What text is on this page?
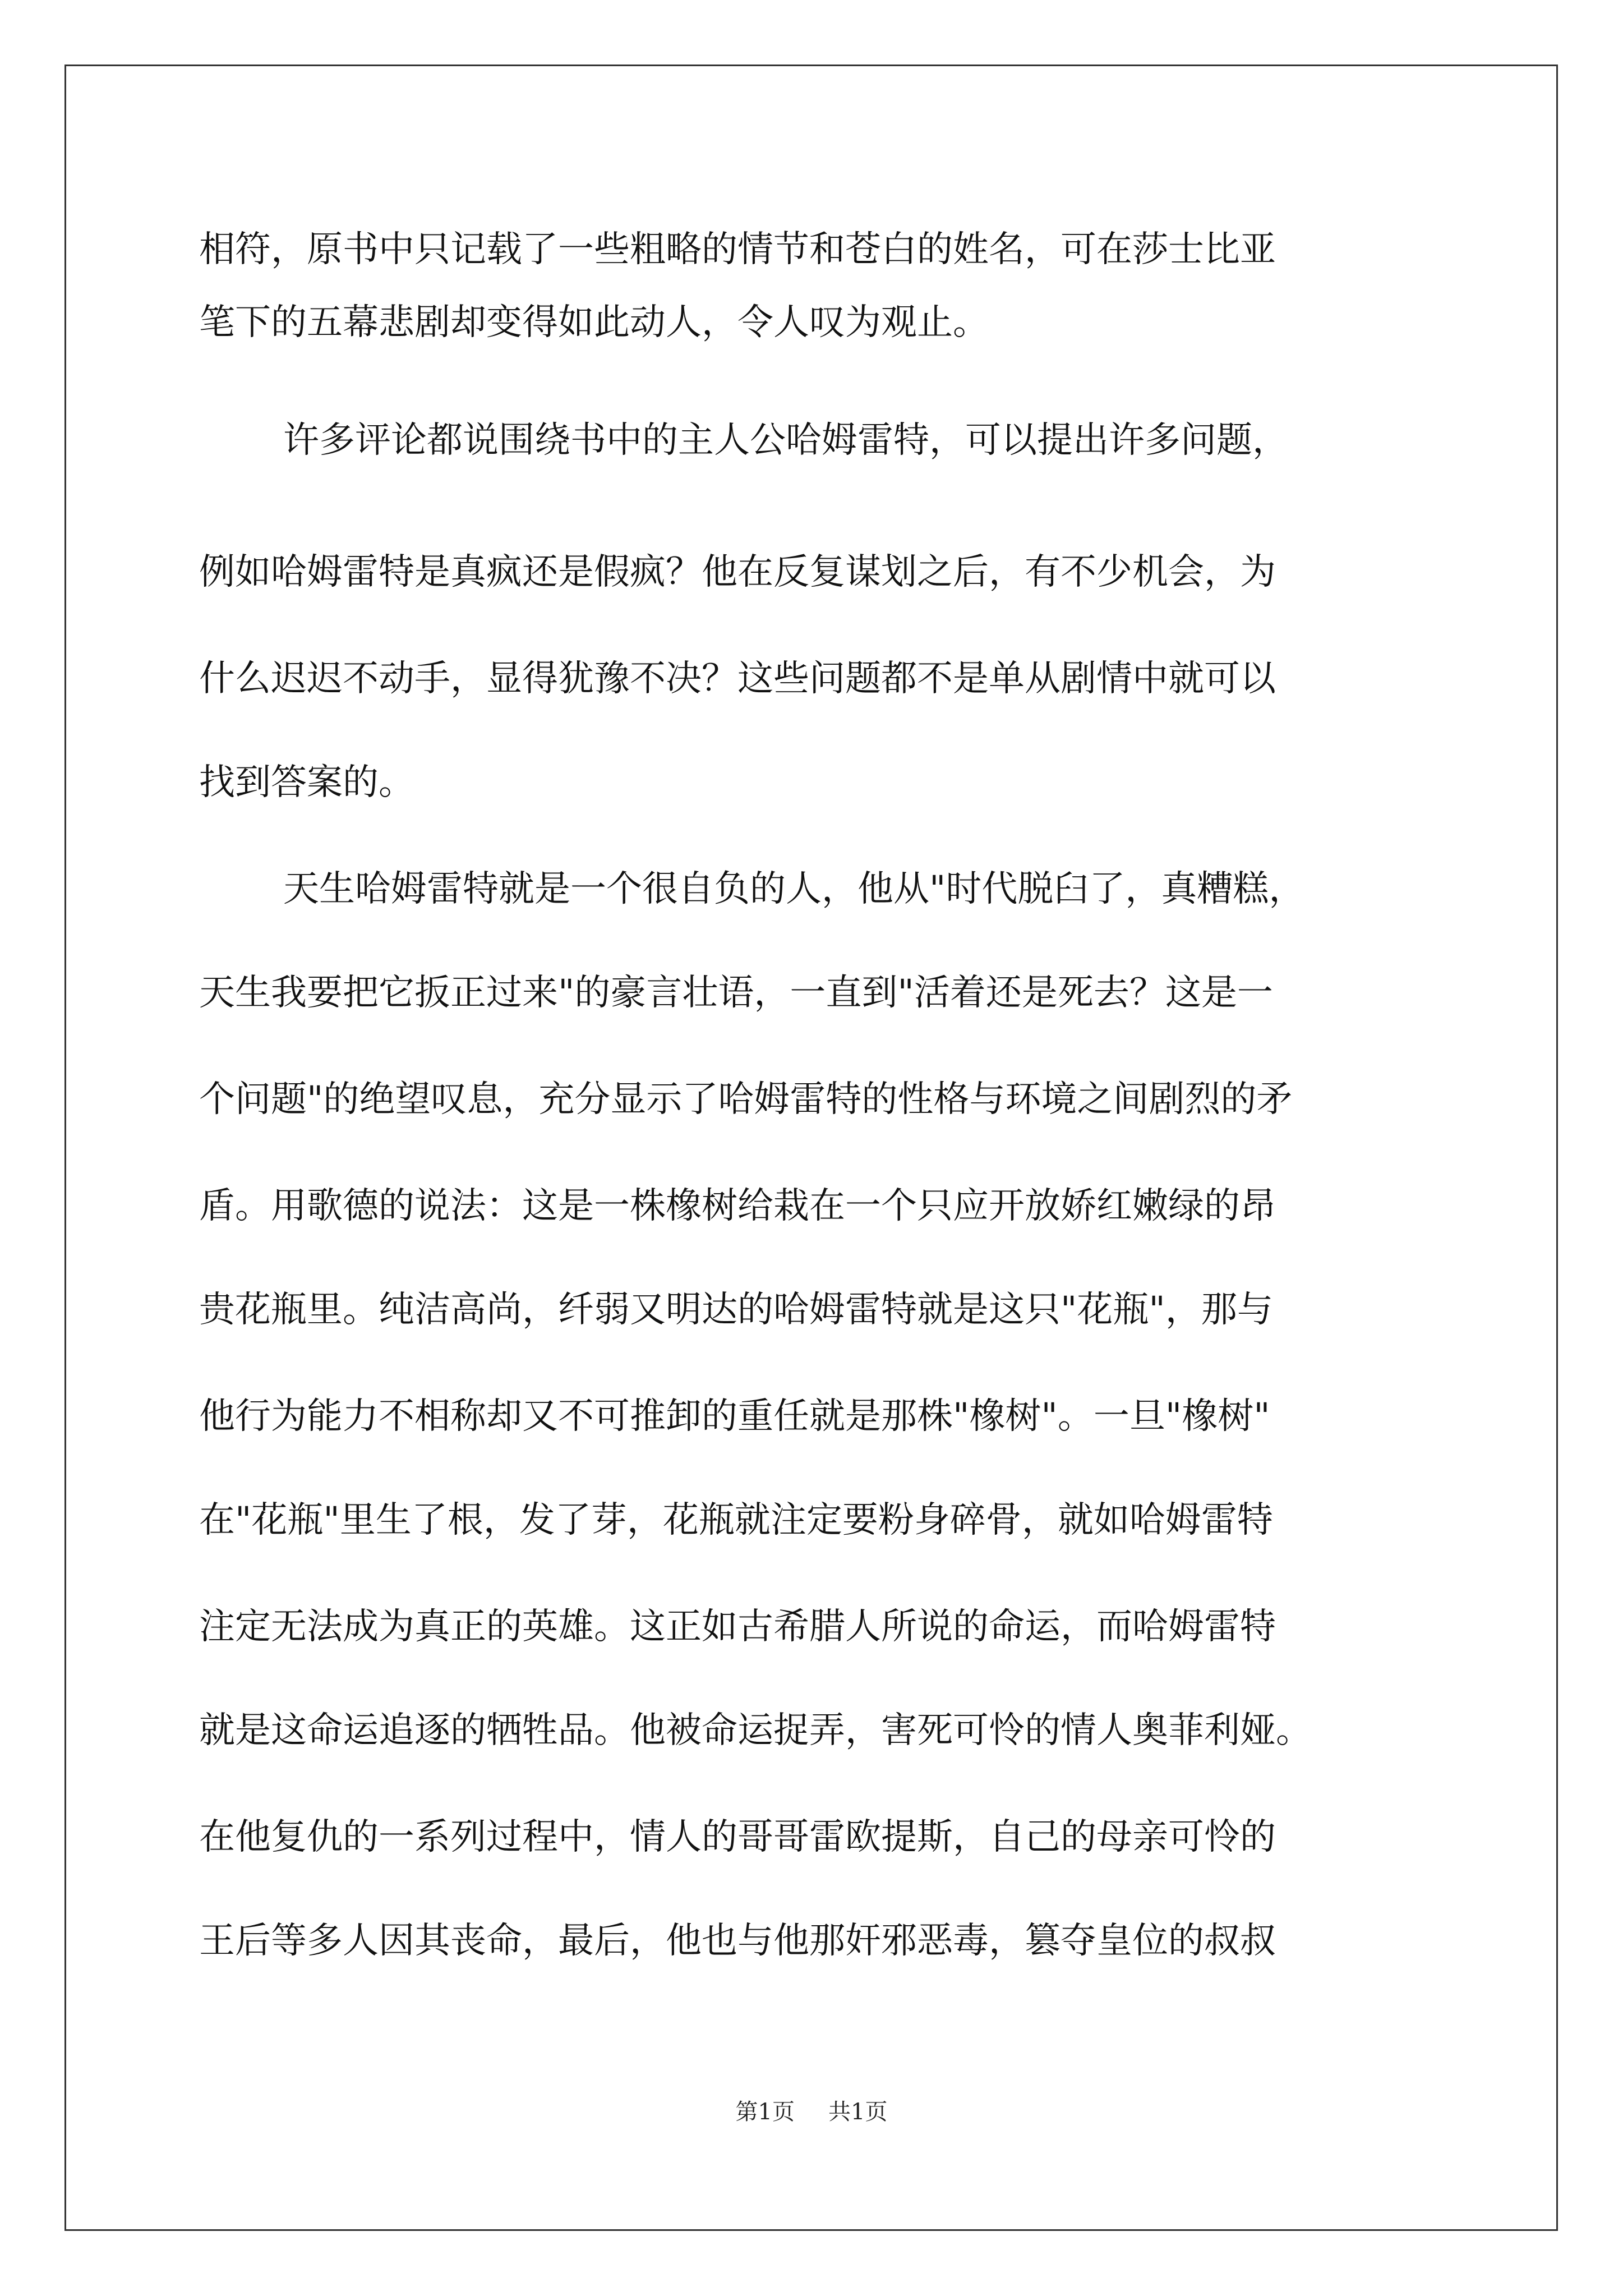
相符，原书中只记载了一些粗略的情节和苍白的姓名，可在莎士比亚
笔下的五幕悲剧却变得如此动人，令人叹为观止。
许多评论都说围绕书中的主人公哈姆雷特，可以提出许多问题，
例如哈姆雷特是真疯还是假疯？他在反复谋划之后，有不少机会，为
什么迟迟不动手，显得犹豫不决？这些问题都不是单从剧情中就可以
找到答案的。
天生哈姆雷特就是一个很自负的人，他从"时代脱臼了，真糟糕，
天生我要把它扳正过来"的豪言壮语，一直到"活着还是死去？这是一
个问题"的绝望叹息，充分显示了哈姆雷特的性格与环境之间剧烈的矛
盾。用歌德的说法：这是一株橡树给栽在一个只应开放娇红嫩绿的昂
贵花瓶里。纯洁高尚，纤弱又明达的哈姆雷特就是这只"花瓶"，那与
他行为能力不相称却又不可推卸的重任就是那株"橡树"。一旦"橡树"
在"花瓶"里生了根，发了芽，花瓶就注定要粉身碎骨，就如哈姆雷特
注定无法成为真正的英雄。这正如古希腊人所说的命运，而哈姆雷特
就是这命运追逐的牺牲品。他被命运捉弄，害死可怜的情人奥菲利娅。
在他复仇的一系列过程中，情人的哥哥雷欧提斯，自己的母亲可怜的
王后等多人因其丧命，最后，他也与他那奸邪恶毒，篡夺皇位的叔叔
第1页 共1页
